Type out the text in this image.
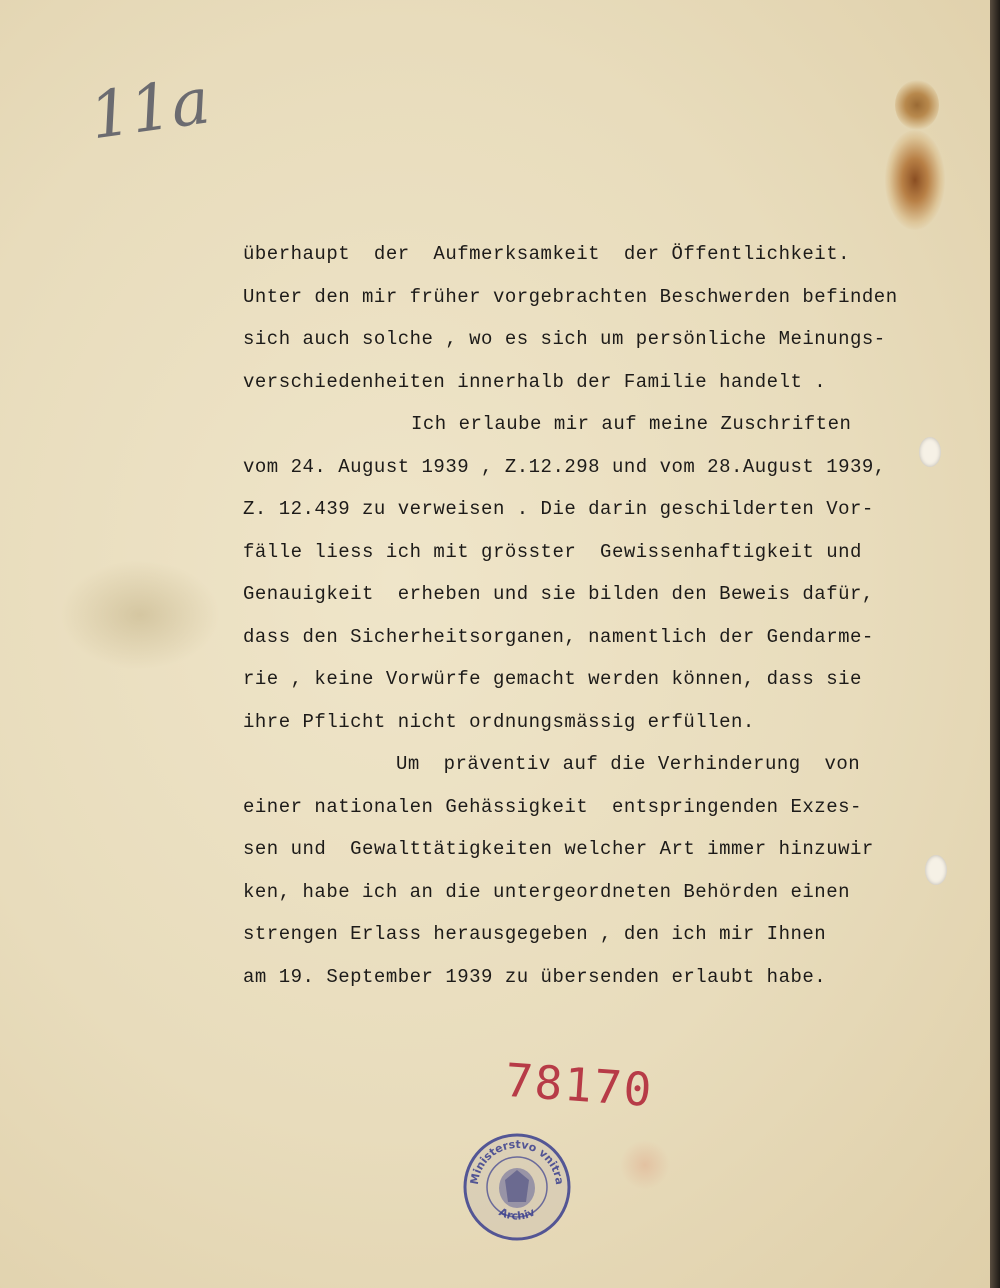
11a
überhaupt  der  Aufmerksamkeit  der Öffentlichkeit.
Unter den mir früher vorgebrachten Beschwerden befinden
sich auch solche , wo es sich um persönliche Meinungs-
verschiedenheiten innerhalb der Familie handelt .
Ich erlaube mir auf meine Zuschriften
vom 24. August 1939 , Z.12.298 und vom 28.August 1939,
Z. 12.439 zu verweisen . Die darin geschilderten Vor-
fälle liess ich mit grösster  Gewissenhaftigkeit und
Genauigkeit  erheben und sie bilden den Beweis dafür,
dass den Sicherheitsorganen, namentlich der Gendarme-
rie , keine Vorwürfe gemacht werden können, dass sie
ihre Pflicht nicht ordnungsmässig erfüllen.
Um  präventiv auf die Verhinderung  von
einer nationalen Gehässigkeit  entspringenden Exzes-
sen und  Gewalttätigkeiten welcher Art immer hinzuwir
ken, habe ich an die untergeordneten Behörden einen
strengen Erlass herausgegeben , den ich mir Ihnen
am 19. September 1939 zu übersenden erlaubt habe.
78170
Ministerstvo vnitra
Archiv
